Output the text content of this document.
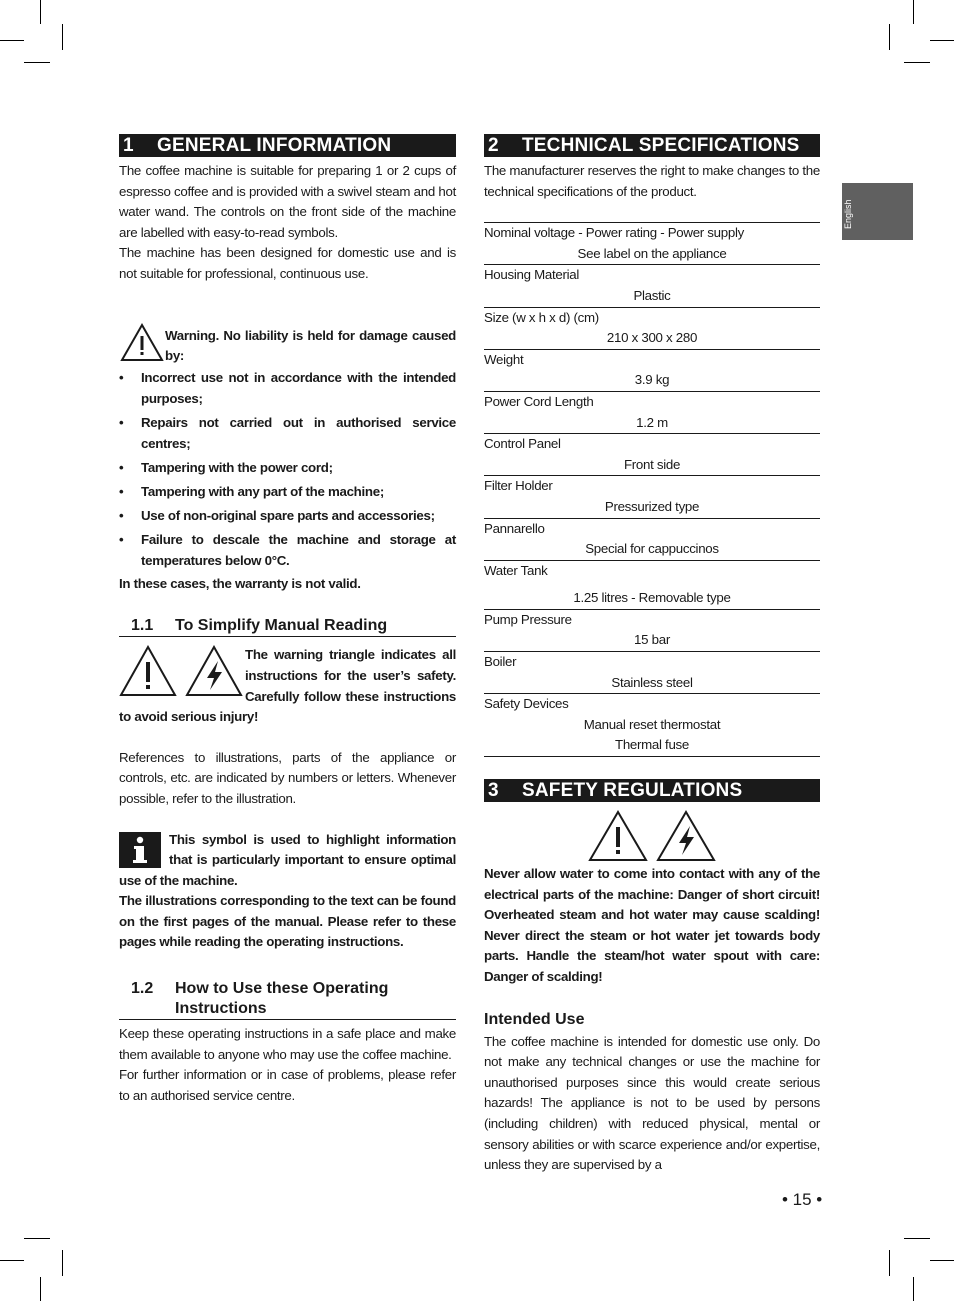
English
1 GENERAL INFORMATION

The coffee machine is suitable for preparing 1 or 2 cups of espresso coffee and is provided with a swivel steam and hot water wand. The controls on the front side of the machine are labelled with easy-to-read symbols.

The machine has been designed for domestic use and is not suitable for professional, continuous use.

Warning. No liability is held for damage caused by:
• Incorrect use not in accordance with the intended purposes;
• Repairs not carried out in authorised service centres;
• Tampering with the power cord;
• Tampering with any part of the machine;
• Use of non-original spare parts and accessories;
• Failure to descale the machine and storage at temperatures below 0°C.
In these cases, the warranty is not valid.
1.1	To Simplify Manual Reading
The warning triangle indicates all instructions for the user’s safety. Carefully follow these instructions to avoid serious injury!

References to illustrations, parts of the appliance or controls, etc. are indicated by numbers or letters. Whenever possible, refer to the illustration.

This symbol is used to highlight information that is particularly important to ensure optimal use of the machine.
The illustrations corresponding to the text can be found on the first pages of the manual. Please refer to these pages while reading the operating instructions.
1.2	How to Use these Operating Instructions

Keep these operating instructions in a safe place and make them available to anyone who may use the coffee machine.

For further information or in case of problems, please refer to an authorised service centre.

2 TECHNICAL SPECIFICATIONS

The manufacturer reserves the right to make changes to the technical specifications of the product.

Nominal voltage - Power rating - Power supply
See label on the appliance
Housing Material
Plastic
Size (w x h x d) (cm)
210 x 300 x 280
Weight
3.9 kg
Power Cord Length
1.2 m
Control Panel
Front side
Filter Holder
Pressurized type
Pannarello
Special for cappuccinos
Water Tank
1.25 litres - Removable type
Pump Pressure
15 bar
Boiler
Stainless steel
Safety Devices
Manual reset thermostat
Thermal fuse
3 SAFETY REGULATIONS

Never allow water to come into contact with any of the electrical parts of the machine: Danger of short circuit! Overheated steam and hot water may cause scalding! Never direct the steam or hot water jet towards body parts. Handle the steam/hot water spout with care: Danger of scalding!

Intended Use

The coffee machine is intended for domestic use only. Do not make any technical changes or use the machine for unauthorised purposes since this would create serious hazards! The appliance is not to be used by persons (including children) with reduced physical, mental or sensory abilities or with scarce experience and/or expertise, unless they are supervised by a

• 15 •
